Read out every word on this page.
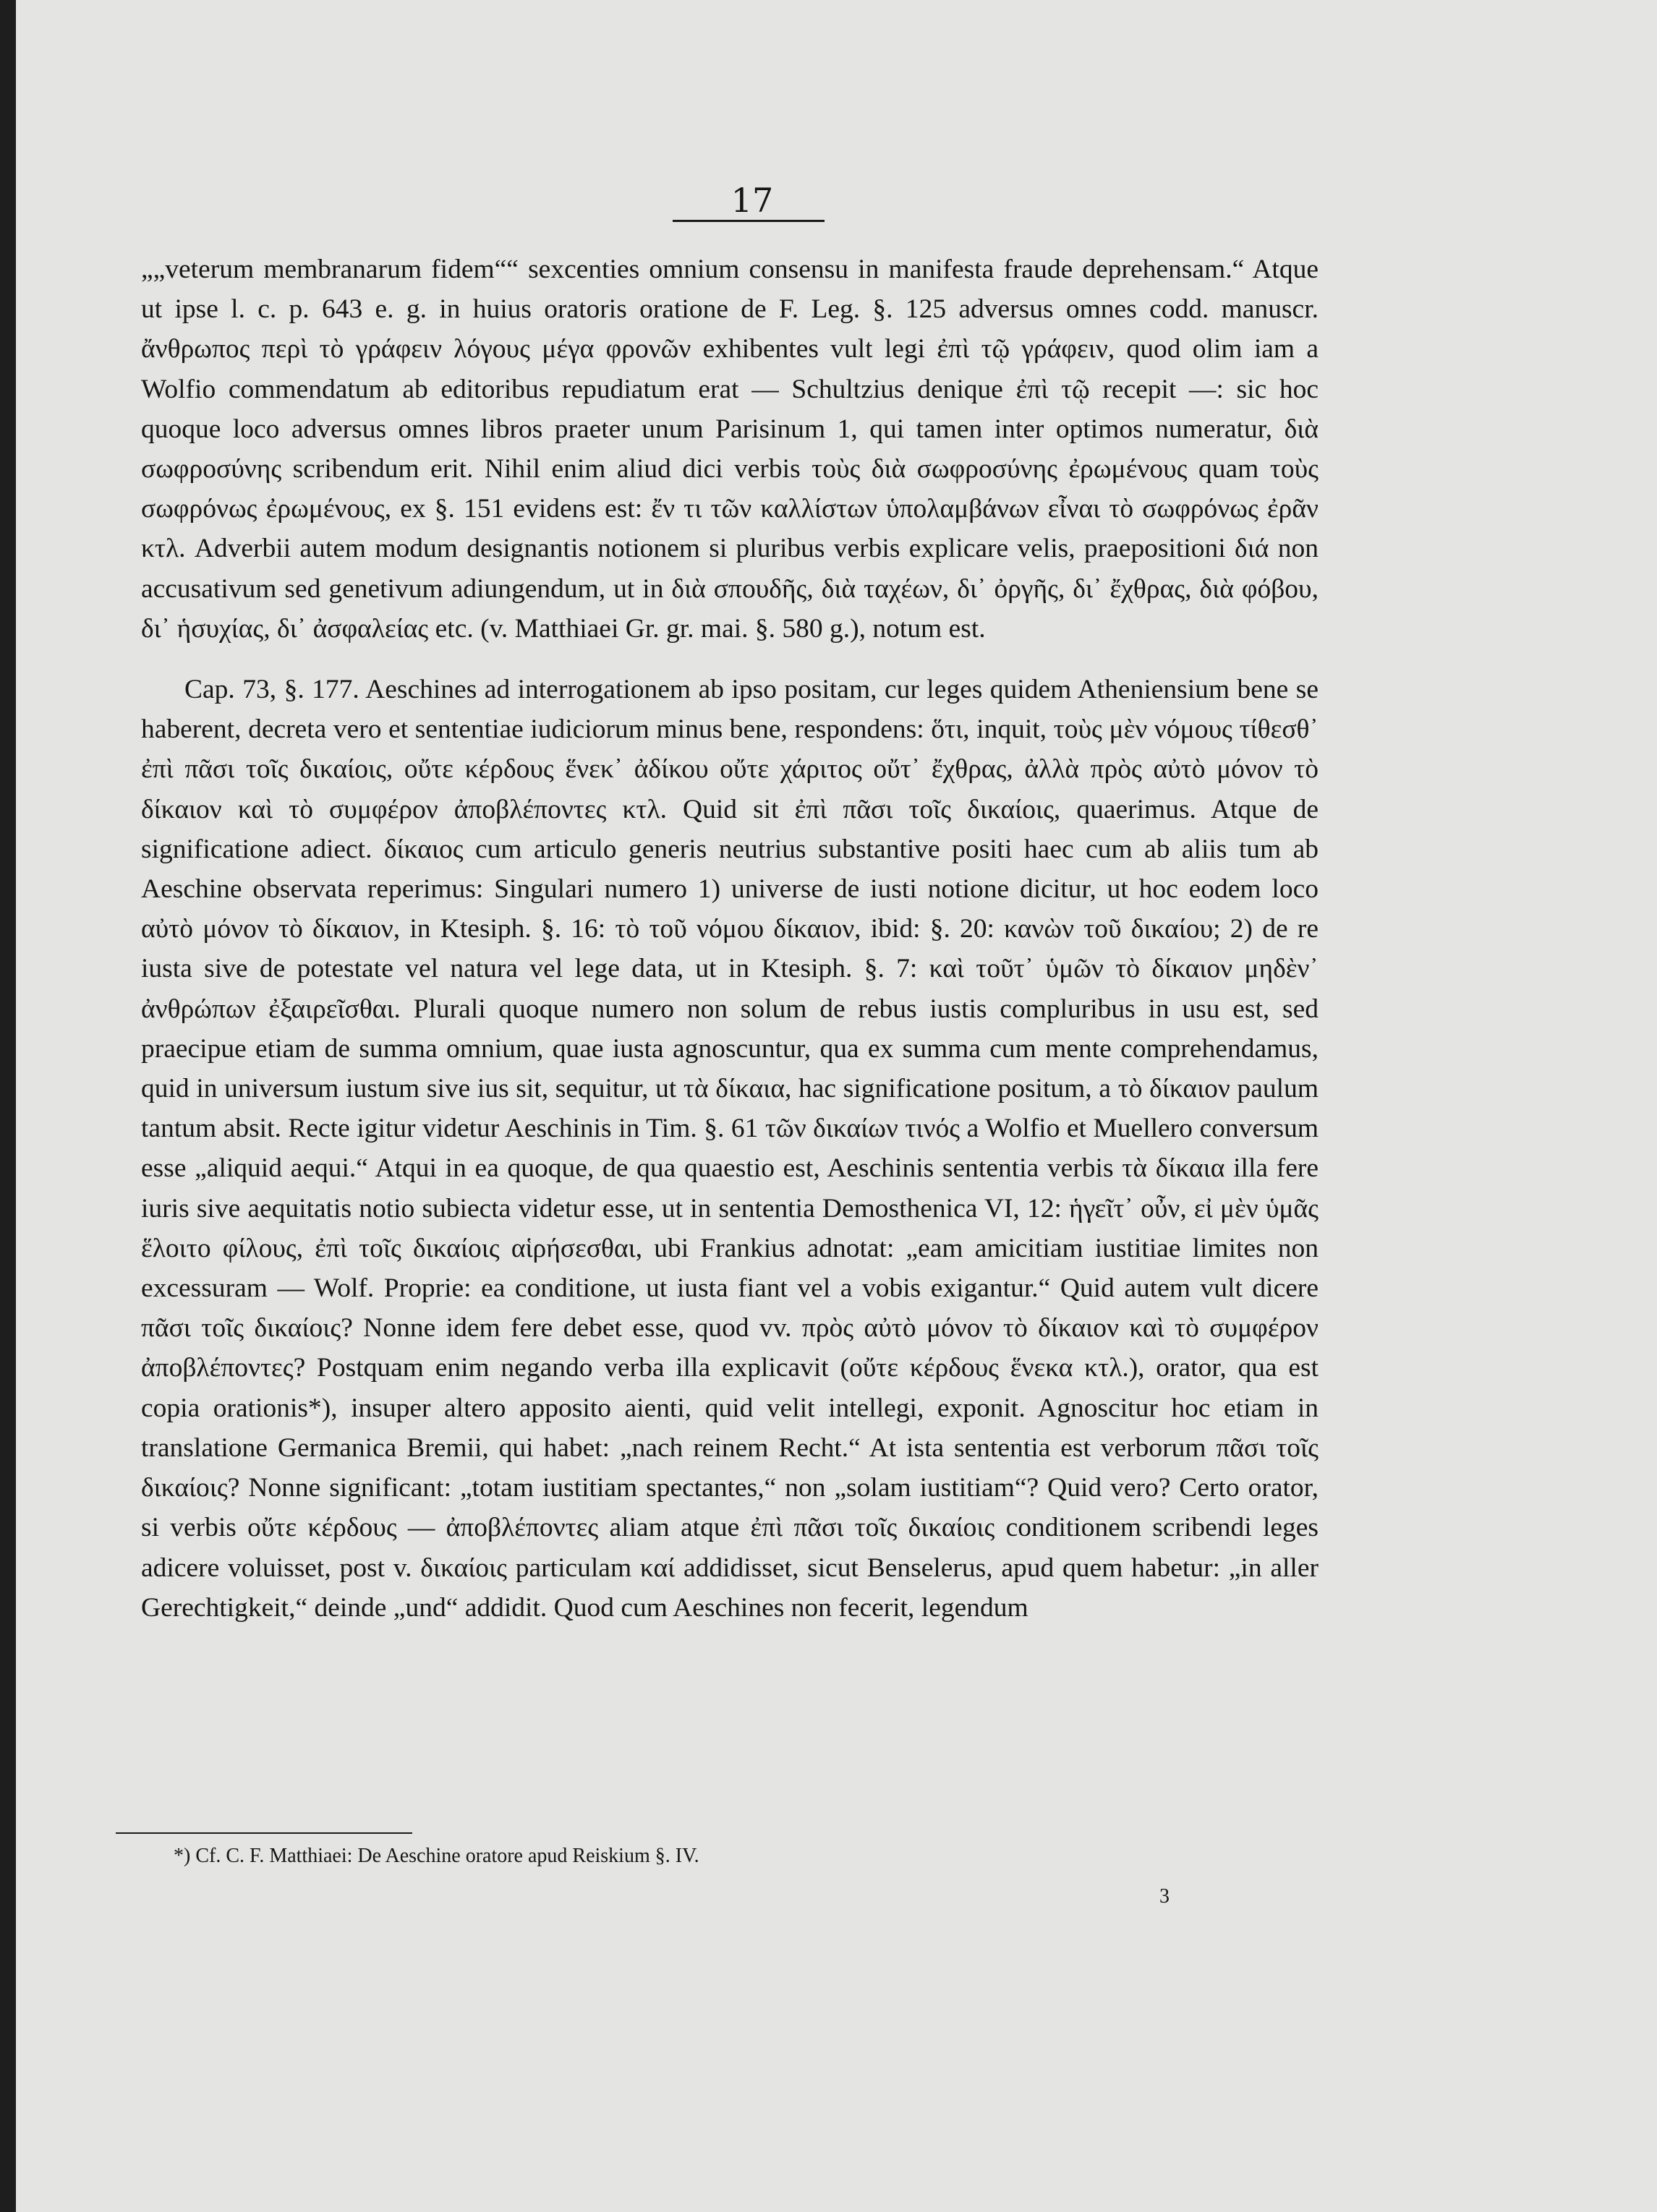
17

„„veterum membranarum fidem““ sexcenties omnium consensu in manifesta fraude deprehensam.“ Atque ut ipse l. c. p. 643 e. g. in huius oratoris oratione de F. Leg. §. 125 adversus omnes codd. manuscr. ἄνθρωπος περὶ τὸ γράφειν λόγους μέγα φρονῶν exhibentes vult legi ἐπὶ τῷ γράφειν, quod olim iam a Wolfio commendatum ab editoribus repudiatum erat — Schultzius denique ἐπὶ τῷ recepit —: sic hoc quoque loco adversus omnes libros praeter unum Parisinum 1, qui tamen inter optimos numeratur, διὰ σωφροσύνης scribendum erit. Nihil enim aliud dici verbis τοὺς διὰ σωφροσύνης ἐρωμένους quam τοὺς σωφρόνως ἐρωμένους, ex §. 151 evidens est: ἔν τι τῶν καλλίστων ὑπολαμβάνων εἶναι τὸ σωφρόνως ἐρᾶν κτλ. Adverbii autem modum designantis notionem si pluribus verbis explicare velis, praepositioni διά non accusativum sed genetivum adiungendum, ut in διὰ σπουδῆς, διὰ ταχέων, δι᾽ ὀργῆς, δι᾽ ἔχθρας, διὰ φόβου, δι᾽ ἡσυχίας, δι᾽ ἀσφαλείας etc. (v. Matthiaei Gr. gr. mai. §. 580 g.), notum est.

Cap. 73, §. 177. Aeschines ad interrogationem ab ipso positam, cur leges quidem Atheniensium bene se haberent, decreta vero et sententiae iudiciorum minus bene, respondens: ὅτι, inquit, τοὺς μὲν νόμους τίθεσθ᾽ ἐπὶ πᾶσι τοῖς δικαίοις, οὔτε κέρδους ἕνεκ᾽ ἀδίκου οὔτε χάριτος οὔτ᾽ ἔχθρας, ἀλλὰ πρὸς αὐτὸ μόνον τὸ δίκαιον καὶ τὸ συμφέρον ἀποβλέποντες κτλ. Quid sit ἐπὶ πᾶσι τοῖς δικαίοις, quaerimus. Atque de significatione adiect. δίκαιος cum articulo generis neutrius substantive positi haec cum ab aliis tum ab Aeschine observata reperimus: Singulari numero 1) universe de iusti notione dicitur, ut hoc eodem loco αὐτὸ μόνον τὸ δίκαιον, in Ktesiph. §. 16: τὸ τοῦ νόμου δίκαιον, ibid: §. 20: κανὼν τοῦ δικαίου; 2) de re iusta sive de potestate vel natura vel lege data, ut in Ktesiph. §. 7: καὶ τοῦτ᾽ ὑμῶν τὸ δίκαιον μηδὲν᾽ ἀνθρώπων ἐξαιρεῖσθαι. Plurali quoque numero non solum de rebus iustis compluribus in usu est, sed praecipue etiam de summa omnium, quae iusta agnoscuntur, qua ex summa cum mente comprehendamus, quid in universum iustum sive ius sit, sequitur, ut τὰ δίκαια, hac significatione positum, a τὸ δίκαιον paulum tantum absit. Recte igitur videtur Aeschinis in Tim. §. 61 τῶν δικαίων τινός a Wolfio et Muellero conversum esse „aliquid aequi.“ Atqui in ea quoque, de qua quaestio est, Aeschinis sententia verbis τὰ δίκαια illa fere iuris sive aequitatis notio subiecta videtur esse, ut in sententia Demosthenica VI, 12: ἡγεῖτ᾽ οὖν, εἰ μὲν ὑμᾶς ἕλοιτο φίλους, ἐπὶ τοῖς δικαίοις αἱρήσεσθαι, ubi Frankius adnotat: „eam amicitiam iustitiae limites non excessuram — Wolf. Proprie: ea conditione, ut iusta fiant vel a vobis exigantur.“ Quid autem vult dicere πᾶσι τοῖς δικαίοις? Nonne idem fere debet esse, quod vv. πρὸς αὐτὸ μόνον τὸ δίκαιον καὶ τὸ συμφέρον ἀποβλέποντες? Postquam enim negando verba illa explicavit (οὔτε κέρδους ἕνεκα κτλ.), orator, qua est copia orationis*), insuper altero apposito aienti, quid velit intellegi, exponit. Agnoscitur hoc etiam in translatione Germanica Bremii, qui habet: „nach reinem Recht.“ At ista sententia est verborum πᾶσι τοῖς δικαίοις? Nonne significant: „totam iustitiam spectantes,“ non „solam iustitiam“? Quid vero? Certo orator, si verbis οὔτε κέρδους — ἀποβλέποντες aliam atque ἐπὶ πᾶσι τοῖς δικαίοις conditionem scribendi leges adicere voluisset, post v. δικαίοις particulam καί addidisset, sicut Benselerus, apud quem habetur: „in aller Gerechtigkeit,“ deinde „und“ addidit. Quod cum Aeschines non fecerit, legendum

*) Cf. C. F. Matthiaei: De Aeschine oratore apud Reiskium §. IV.
3
